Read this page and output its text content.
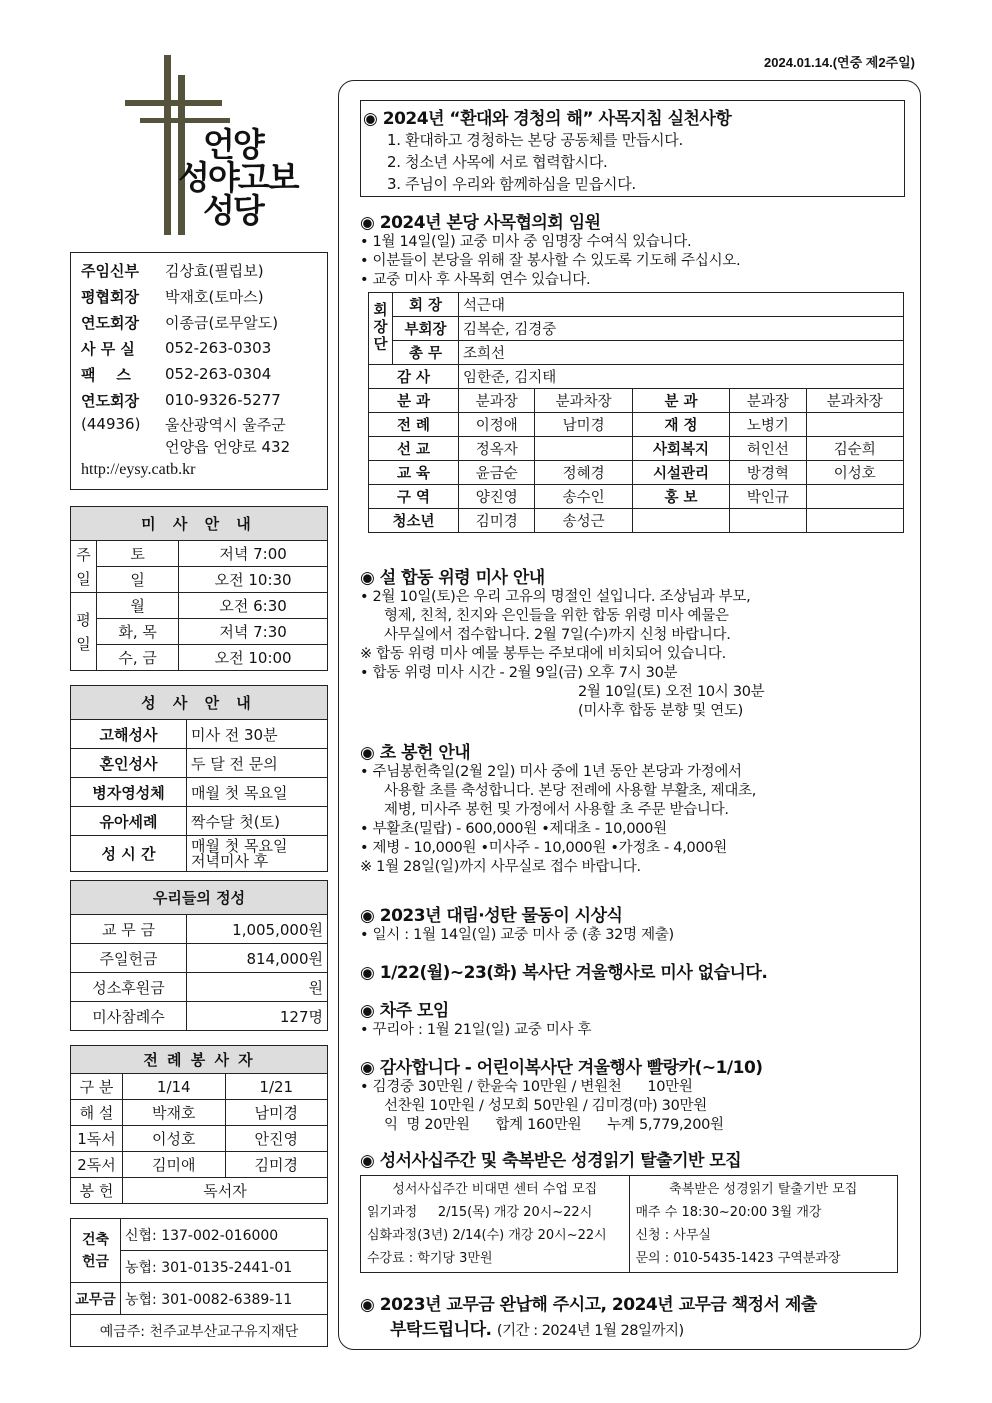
2024.01.14.(연중 제2주일)
언양
성야고보
성당
주임신부	김상효(필립보)
평협회장	박재호(토마스)
연도회장	이종금(로무알도)
사 무 실	052-263-0303
팩    스	052-263-0304
연도회장	010-9326-5277
(44936)	울산광역시 울주군
언양읍 언양로 432
http://eysy.catb.kr
미 사 안 내		
주일	토	저녁 7:00
	일	오전 10:30
평일	월	오전 6:30
	화, 목	저녁 7:30
	수, 금	오전 10:00
성 사 안 내	
고해성사	미사 전 30분
혼인성사	두 달 전 문의
병자영성체	매월 첫 목요일
유아세례	짝수달 첫(토)
성 시 간	매월 첫 목요일
저녁미사 후
우리들의 정성	
교 무 금	1,005,000원
주일헌금	814,000원
성소후원금	원
미사참례수	127명
전 례 봉 사 자		
구 분	1/14	1/21
해 설	박재호	남미경
1독서	이성호	안진영
2독서	김미애	김미경
봉 헌	독서자	
건축헌금	신협: 137-002-016000
	농협: 301-0135-2441-01
교무금	농협: 301-0082-6389-11
예금주: 천주교부산교구유지재단	
◉ 2024년 “환대와 경청의 해” 사목지침 실천사항

1. 환대하고 경청하는 본당 공동체를 만듭시다.

2. 청소년 사목에 서로 협력합시다.

3. 주님이 우리와 함께하심을 믿읍시다.

◉ 2024년 본당 사목협의회 임원

• 1월 14일(일) 교중 미사 중 임명장 수여식 있습니다.

• 이분들이 본당을 위해 잘 봉사할 수 있도록 기도해 주십시오.

• 교중 미사 후 사목회 연수 있습니다.

회장단	회 장	석근대				
	부회장	김복순, 김경중				
	총 무	조희선				
감 사		임한준, 김지태				
분 과		분과장	분과차장	분 과	분과장	분과차장
전 례		이정애	남미경	재 정	노병기	
선 교		정옥자		사회복지	허인선	김순희
교 육		윤금순	정혜경	시설관리	방경혁	이성호
구 역		양진영	송수인	홍 보	박인규	
청소년		김미경	송성근			
◉ 설 합동 위령 미사 안내

• 2월 10일(토)은 우리 고유의 명절인 설입니다. 조상님과 부모,

형제, 친척, 친지와 은인들을 위한 합동 위령 미사 예물은

사무실에서 접수합니다. 2월 7일(수)까지 신청 바랍니다.

※ 합동 위령 미사 예물 봉투는 주보대에 비치되어 있습니다.

• 합동 위령 미사 시간 - 2월 9일(금) 오후 7시 30분

2월 10일(토) 오전 10시 30분

(미사후 합동 분향 및 연도)

◉ 초 봉헌 안내

• 주님봉헌축일(2월 2일) 미사 중에 1년 동안 본당과 가정에서

사용할 초를 축성합니다. 본당 전례에 사용할 부활초, 제대초,

제병, 미사주 봉헌 및 가정에서 사용할 초 주문 받습니다.

• 부활초(밀랍) - 600,000원 •제대초 - 10,000원

• 제병 - 10,000원 •미사주 - 10,000원 •가정초 - 4,000원

※ 1월 28일(일)까지 사무실로 접수 바랍니다.

◉ 2023년 대림·성탄 물동이 시상식

• 일시 : 1월 14일(일) 교중 미사 중 (총 32명 제출)

◉ 1/22(월)~23(화) 복사단 겨울행사로 미사 없습니다.
◉ 차주 모임

• 꾸리아 : 1월 21일(일) 교중 미사 후

◉ 감사합니다 - 어린이복사단 겨울행사 빨랑카(~1/10)

• 김경중 30만원 / 한윤숙 10만원 / 변원천      10만원

선찬원 10만원 / 성모회 50만원 / 김미경(마) 30만원

익  명 20만원      합계 160만원      누계 5,779,200원

◉ 성서사십주간 및 축복받은 성경읽기 탈출기반 모집
성서사십주간 비대면 센터 수업 모집
읽기과정     2/15(목) 개강 20시~22시
심화과정(3년) 2/14(수) 개강 20시~22시
수강료 : 학기당 3만원
축복받은 성경읽기 탈출기반 모집
매주 수 18:30~20:00 3월 개강
신청 : 사무실
문의 : 010-5435-1423 구역분과장
◉ 2023년 교무금 완납해 주시고, 2024년 교무금 책정서 제출
부탁드립니다. (기간 : 2024년 1월 28일까지)
